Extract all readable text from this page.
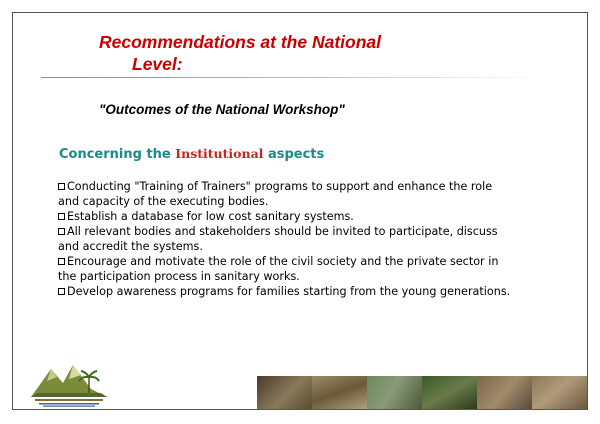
Recommendations at the National
Level:
"Outcomes of the National Workshop"
Concerning the Institutional aspects
Conducting "Training of Trainers" programs to support and enhance the role
and capacity of the executing bodies.
Establish a database for low cost sanitary systems.
All relevant bodies and stakeholders should be invited to participate, discuss
and accredit the systems.
Encourage and motivate the role of the civil society and the private sector in
the participation process in sanitary works.
Develop awareness programs for families starting from the young generations.
